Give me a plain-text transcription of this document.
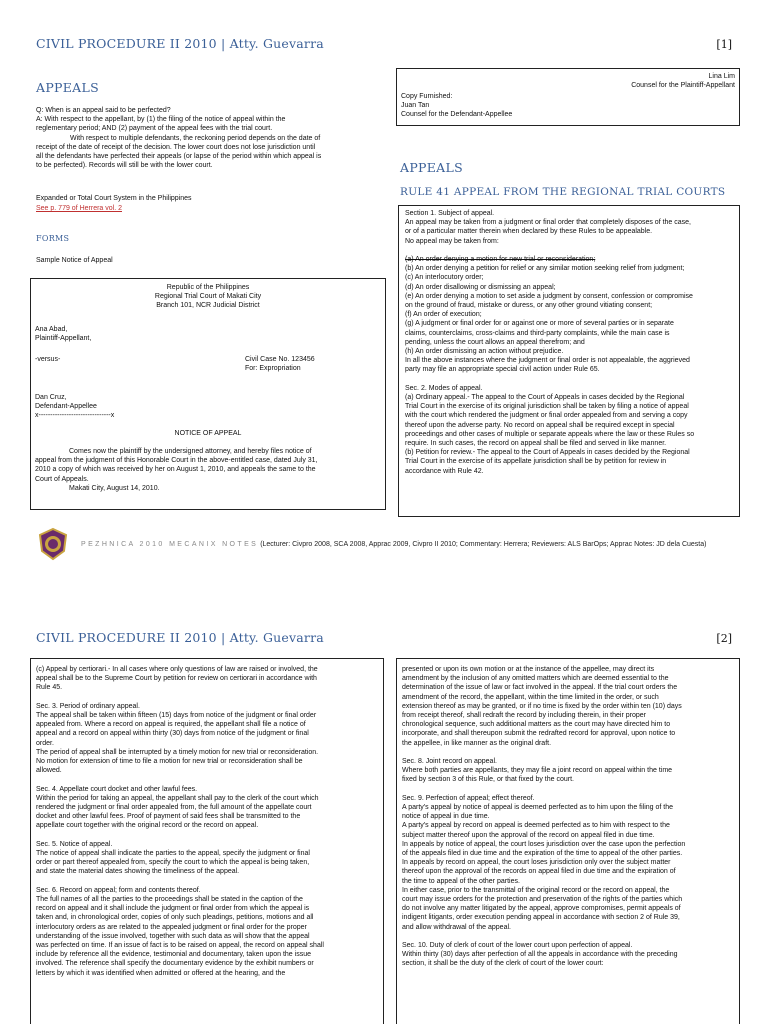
CIVIL PROCEDURE II 2010 | Atty. Guevarra	[1]
APPEALS
Q: When is an appeal said to be perfected?
A: With respect to the appellant, by (1) the filing of the notice of appeal within the
reglementary period; AND (2) payment of the appeal fees with the trial court.
With respect to multiple defendants, the reckoning period depends on the date of
receipt of the date of receipt of the decision. The lower court does not lose jurisdiction until
all the defendants have perfected their appeals (or lapse of the period within which appeal is
to be perfected). Records will still be with the lower court.
Expanded or Total Court System in the Philippines
See p. 779 of Herrera vol. 2
FORMS
Sample Notice of Appeal
Republic of the Philippines
Regional Trial Court of Makati City
Branch 101, NCR Judicial District
Ana Abad,
Plaintiff-Appellant,
-versus-	Civil Case No. 123456
For: Expropriation
Dan Cruz,
Defendant-Appellee
x-------------------------------x
NOTICE OF APPEAL
Comes now the plaintiff by the undersigned attorney, and hereby files notice of
appeal from the judgment of this Honorable Court in the above-entitled case, dated July 31,
2010 a copy of which was received by her on August 1, 2010, and appeals the same to the
Court of Appeals.
Makati City, August 14, 2010.
Lina Lim
Counsel for the Plaintiff-Appellant
Copy Furnished:
Juan Tan
Counsel for the Defendant-Appellee
APPEALS
RULE 41 APPEAL FROM THE REGIONAL TRIAL COURTS
Section 1. Subject of appeal.
An appeal may be taken from a judgment or final order that completely disposes of the case,
or of a particular matter therein when declared by these Rules to be appealable.
No appeal may be taken from:
(a) An order denying a motion for new trial or reconsideration;
(b) An order denying a petition for relief or any similar motion seeking relief from judgment;
(c) An interlocutory order;
(d) An order disallowing or dismissing an appeal;
(e) An order denying a motion to set aside a judgment by consent, confession or compromise
on the ground of fraud, mistake or duress, or any other ground vitiating consent;
(f) An order of execution;
(g) A judgment or final order for or against one or more of several parties or in separate
claims, counterclaims, cross-claims and third-party complaints, while the main case is
pending, unless the court allows an appeal therefrom; and
(h) An order dismissing an action without prejudice.
In all the above instances where the judgment or final order is not appealable, the aggrieved
party may file an appropriate special civil action under Rule 65.
Sec. 2. Modes of appeal.
(a) Ordinary appeal.- The appeal to the Court of Appeals in cases decided by the Regional
Trial Court in the exercise of its original jurisdiction shall be taken by filing a notice of appeal
with the court which rendered the judgment or final order appealed from and serving a copy
thereof upon the adverse party. No record on appeal shall be required except in special
proceedings and other cases of multiple or separate appeals where the law or these Rules so
require. In such cases, the record on appeal shall be filed and served in like manner.
(b) Petition for review.- The appeal to the Court of Appeals in cases decided by the Regional
Trial Court in the exercise of its appellate jurisdiction shall be by petition for review in
accordance with Rule 42.
PEZHNICA 2010 MECANIX NOTES (Lecturer: Civpro 2008, SCA 2008, Apprac 2009, Civpro II 2010; Commentary: Herrera; Reviewers: ALS BarOps; Apprac Notes: JD dela Cuesta)
CIVIL PROCEDURE II 2010 | Atty. Guevarra	[2]
(c) Appeal by certiorari.- In all cases where only questions of law are raised or involved, the
appeal shall be to the Supreme Court by petition for review on certiorari in accordance with
Rule 45.
Sec. 3. Period of ordinary appeal.
The appeal shall be taken within fifteen (15) days from notice of the judgment or final order
appealed from. Where a record on appeal is required, the appellant shall file a notice of
appeal and a record on appeal within thirty (30) days from notice of the judgment or final
order.
The period of appeal shall be interrupted by a timely motion for new trial or reconsideration.
No motion for extension of time to file a motion for new trial or reconsideration shall be
allowed.
Sec. 4. Appellate court docket and other lawful fees.
Within the period for taking an appeal, the appellant shall pay to the clerk of the court which
rendered the judgment or final order appealed from, the full amount of the appellate court
docket and other lawful fees. Proof of payment of said fees shall be transmitted to the
appellate court together with the original record or the record on appeal.
Sec. 5. Notice of appeal.
The notice of appeal shall indicate the parties to the appeal, specify the judgment or final
order or part thereof appealed from, specify the court to which the appeal is being taken,
and state the material dates showing the timeliness of the appeal.
Sec. 6. Record on appeal; form and contents thereof.
The full names of all the parties to the proceedings shall be stated in the caption of the
record on appeal and it shall include the judgment or final order from which the appeal is
taken and, in chronological order, copies of only such pleadings, petitions, motions and all
interlocutory orders as are related to the appealed judgment or final order for the proper
understanding of the issue involved, together with such data as will show that the appeal
was perfected on time. If an issue of fact is to be raised on appeal, the record on appeal shall
include by reference all the evidence, testimonial and documentary, taken upon the issue
involved. The reference shall specify the documentary evidence by the exhibit numbers or
letters by which it was identified when admitted or offered at the hearing, and the
presented or upon its own motion or at the instance of the appellee, may direct its
amendment by the inclusion of any omitted matters which are deemed essential to the
determination of the issue of law or fact involved in the appeal. If the trial court orders the
amendment of the record, the appellant, within the time limited in the order, or such
extension thereof as may be granted, or if no time is fixed by the order within ten (10) days
from receipt thereof, shall redraft the record by including therein, in their proper
chronological sequence, such additional matters as the court may have directed him to
incorporate, and shall thereupon submit the redrafted record for approval, upon notice to
the appellee, in like manner as the original draft.
Sec. 8. Joint record on appeal.
Where both parties are appellants, they may file a joint record on appeal within the time
fixed by section 3 of this Rule, or that fixed by the court.
Sec. 9. Perfection of appeal; effect thereof.
A party's appeal by notice of appeal is deemed perfected as to him upon the filing of the
notice of appeal in due time.
A party's appeal by record on appeal is deemed perfected as to him with respect to the
subject matter thereof upon the approval of the record on appeal filed in due time.
In appeals by notice of appeal, the court loses jurisdiction over the case upon the perfection
of the appeals filed in due time and the expiration of the time to appeal of the other parties.
In appeals by record on appeal, the court loses jurisdiction only over the subject matter
thereof upon the approval of the records on appeal filed in due time and the expiration of
the time to appeal of the other parties.
In either case, prior to the transmittal of the original record or the record on appeal, the
court may issue orders for the protection and preservation of the rights of the parties which
do not involve any matter litigated by the appeal, approve compromises, permit appeals of
indigent litigants, order execution pending appeal in accordance with section 2 of Rule 39,
and allow withdrawal of the appeal.
Sec. 10. Duty of clerk of court of the lower court upon perfection of appeal.
Within thirty (30) days after perfection of all the appeals in accordance with the preceding
section, it shall be the duty of the clerk of court of the lower court:
